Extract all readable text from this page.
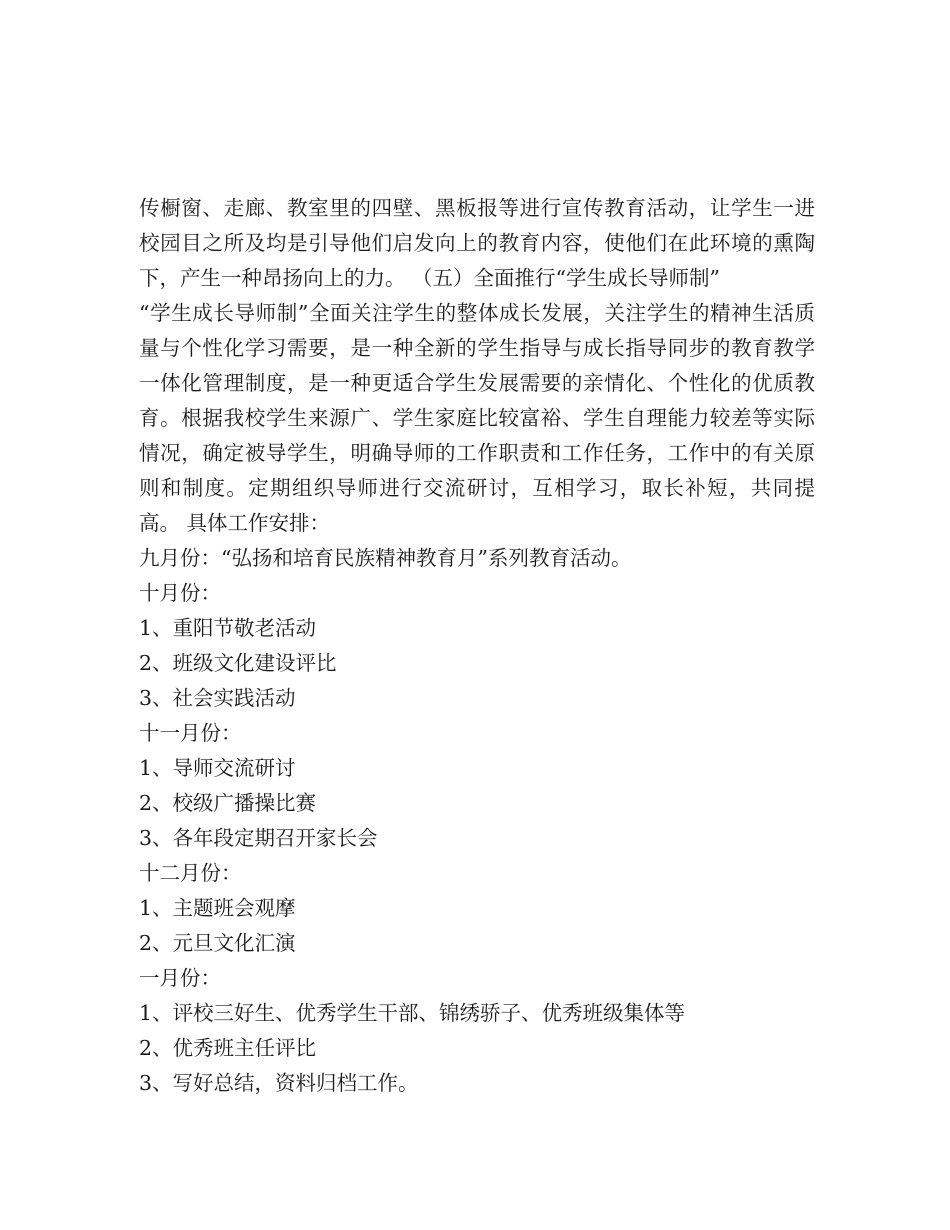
传橱窗、走廊、教室里的四壁、黑板报等进行宣传教育活动，让学生一进校园目之所及均是引导他们启发向上的教育内容，使他们在此环境的熏陶下，产生一种昂扬向上的力。 （五）全面推行“学生成长导师制”

“学生成长导师制”全面关注学生的整体成长发展，关注学生的精神生活质量与个性化学习需要，是一种全新的学生指导与成长指导同步的教育教学一体化管理制度，是一种更适合学生发展需要的亲情化、个性化的优质教育。根据我校学生来源广、学生家庭比较富裕、学生自理能力较差等实际情况，确定被导学生，明确导师的工作职责和工作任务，工作中的有关原则和制度。定期组织导师进行交流研讨，互相学习，取长补短，共同提高。 具体工作安排：

九月份：“弘扬和培育民族精神教育月”系列教育活动。

十月份：

1、重阳节敬老活动

2、班级文化建设评比

3、社会实践活动

十一月份：

1、导师交流研讨

2、校级广播操比赛

3、各年段定期召开家长会

十二月份：

1、主题班会观摩

2、元旦文化汇演

一月份：

1、评校三好生、优秀学生干部、锦绣骄子、优秀班级集体等

2、优秀班主任评比

3、写好总结，资料归档工作。
